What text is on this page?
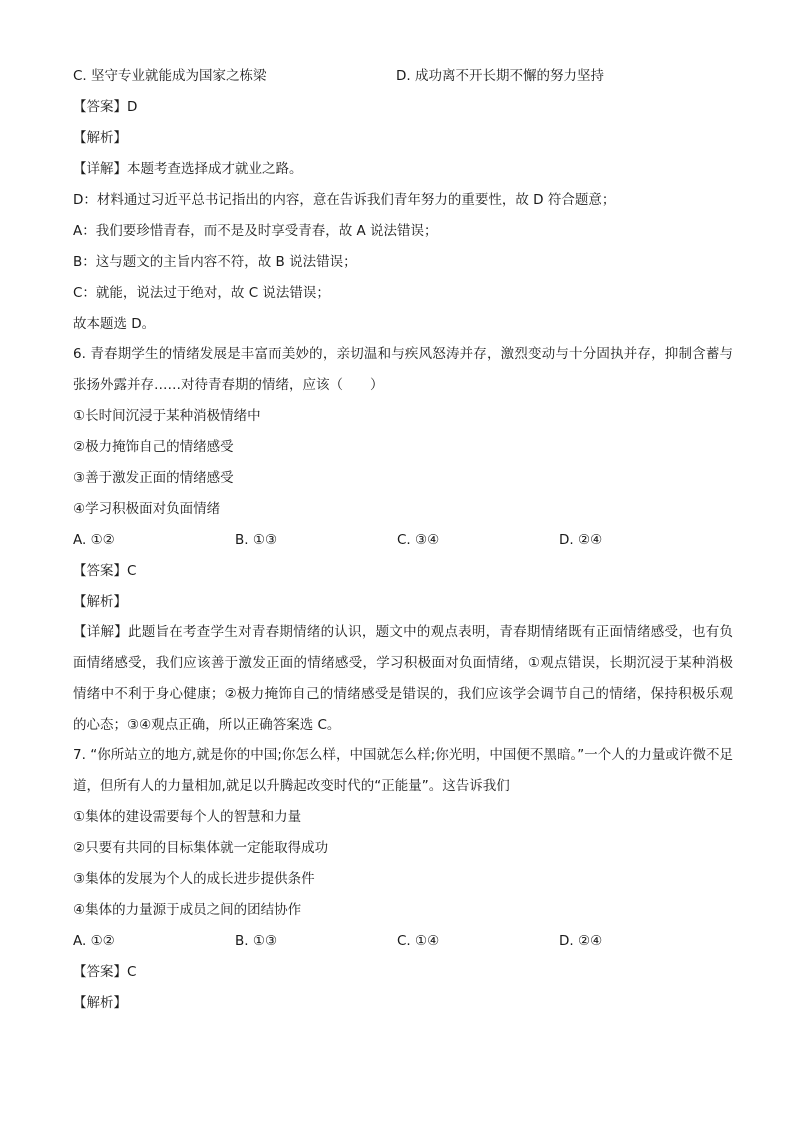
C. 坚守专业就能成为国家之栋梁	D. 成功离不开长期不懈的努力坚持
【答案】D
【解析】
【详解】本题考查选择成才就业之路。
D：材料通过习近平总书记指出的内容，意在告诉我们青年努力的重要性，故 D 符合题意；
A：我们要珍惜青春，而不是及时享受青春，故 A 说法错误；
B：这与题文的主旨内容不符，故 B 说法错误；
C：就能，说法过于绝对，故 C 说法错误；
故本题选 D。
6. 青春期学生的情绪发展是丰富而美妙的，亲切温和与疾风怒涛并存，激烈变动与十分固执并存，抑制含蓄与张扬外露并存……对待青春期的情绪，应该（　　）
①长时间沉浸于某种消极情绪中
②极力掩饰自己的情绪感受
③善于激发正面的情绪感受
④学习积极面对负面情绪
A. ①②	B. ①③	C. ③④	D. ②④
【答案】C
【解析】
【详解】此题旨在考查学生对青春期情绪的认识，题文中的观点表明，青春期情绪既有正面情绪感受，也有负面情绪感受，我们应该善于激发正面的情绪感受，学习积极面对负面情绪，①观点错误，长期沉浸于某种消极情绪中不利于身心健康；②极力掩饰自己的情绪感受是错误的，我们应该学会调节自己的情绪，保持积极乐观的心态；③④观点正确，所以正确答案选 C。
7. “你所站立的地方,就是你的中国;你怎么样，中国就怎么样;你光明，中国便不黑暗。”一个人的力量或许微不足道，但所有人的力量相加,就足以升腾起改变时代的“正能量”。这告诉我们
①集体的建设需要每个人的智慧和力量
②只要有共同的目标集体就一定能取得成功
③集体的发展为个人的成长进步提供条件
④集体的力量源于成员之间的团结协作
A. ①②	B. ①③	C. ①④	D. ②④
【答案】C
【解析】
